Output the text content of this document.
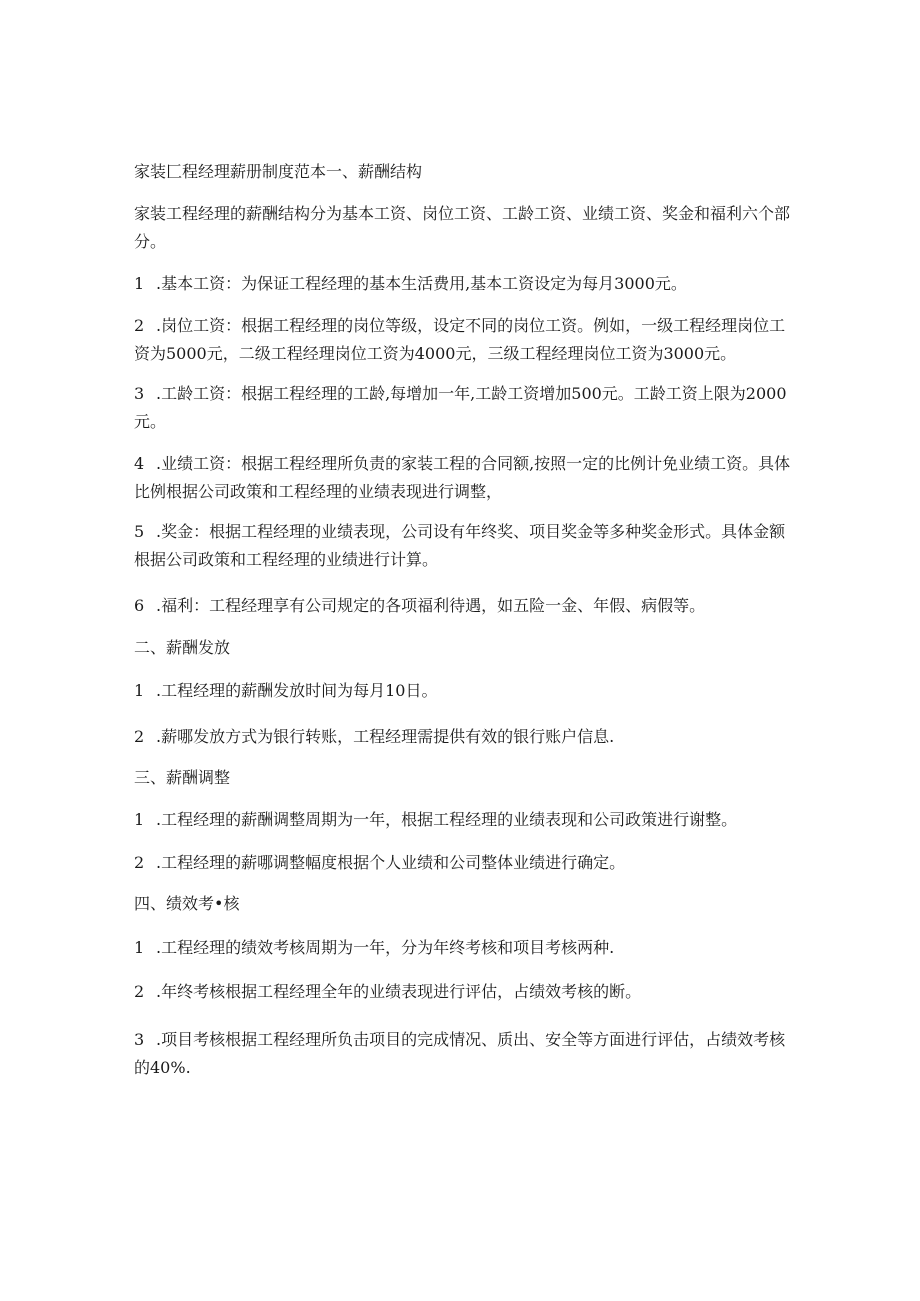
家装匚程经理薪册制度范本一、薪酬结构

家装工程经理的薪酬结构分为基本工资、岗位工资、工龄工资、业绩工资、奖金和福利六个部分。

1 .基本工资：为保证工程经理的基本生活费用,基本工资设定为每月3000元。

2 .岗位工资：根据工程经理的岗位等级，设定不同的岗位工资。例如，一级工程经理岗位工资为5000元，二级工程经理岗位工资为4000元，三级工程经理岗位工资为3000元。

3 .工龄工资：根据工程经理的工龄,每增加一年,工龄工资增加500元。工龄工资上限为2000元。

4 .业绩工资：根据工程经理所负责的家装工程的合同额,按照一定的比例计免业绩工资。具体比例根据公司政策和工程经理的业绩表现进行调整，

5 .奖金：根据工程经理的业绩表现，公司设有年终奖、项目奖金等多种奖金形式。具体金额根据公司政策和工程经理的业绩进行计算。

6 .福利：工程经理享有公司规定的各项福利待遇，如五险一金、年假、病假等。

二、薪酬发放

1 .工程经理的薪酬发放时间为每月10日。

2 .薪哪发放方式为银行转账，工程经理需提供有效的银行账户信息.

三、薪酬调整

1 .工程经理的薪酬调整周期为一年，根据工程经理的业绩表现和公司政策进行谢整。

2 .工程经理的薪哪调整幅度根据个人业绩和公司整体业绩进行确定。

四、绩效考•核

1 .工程经理的绩效考核周期为一年，分为年终考核和项目考核两种.

2 .年终考核根据工程经理全年的业绩表现进行评估，占绩效考核的断。

3 .项目考核根据工程经理所负击项目的完成情况、质出、安全等方面进行评估，占绩效考核的40%.
